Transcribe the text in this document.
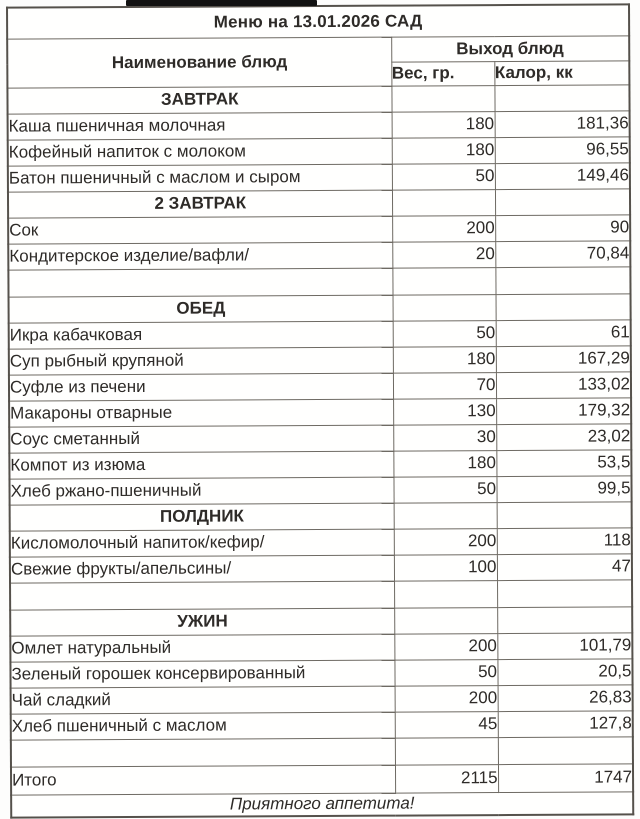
Меню на 13.01.2026 САД		
Наименование блюд	Выход блюд	
	Вес, гр.	Калор, кк
ЗАВТРАК		
Каша пшеничная молочная	180	181,36
Кофейный напиток с молоком	180	96,55
Батон пшеничный с маслом и сыром	50	149,46
2 ЗАВТРАК		
Сок	200	90
Кондитерское изделие/вафли/	20	70,84

ОБЕД		
Икра кабачковая	50	61
Суп рыбный крупяной	180	167,29
Суфле из печени	70	133,02
Макароны отварные	130	179,32
Соус сметанный	30	23,02
Компот из изюма	180	53,5
Хлеб ржано-пшеничный	50	99,5
ПОЛДНИК		
Кисломолочный напиток/кефир/	200	118
Свежие фрукты/апельсины/	100	47

УЖИН		
Омлет натуральный	200	101,79
Зеленый горошек консервированный	50	20,5
Чай сладкий	200	26,83
Хлеб пшеничный с маслом	45	127,8

Итого	2115	1747
Приятного аппетита!		
